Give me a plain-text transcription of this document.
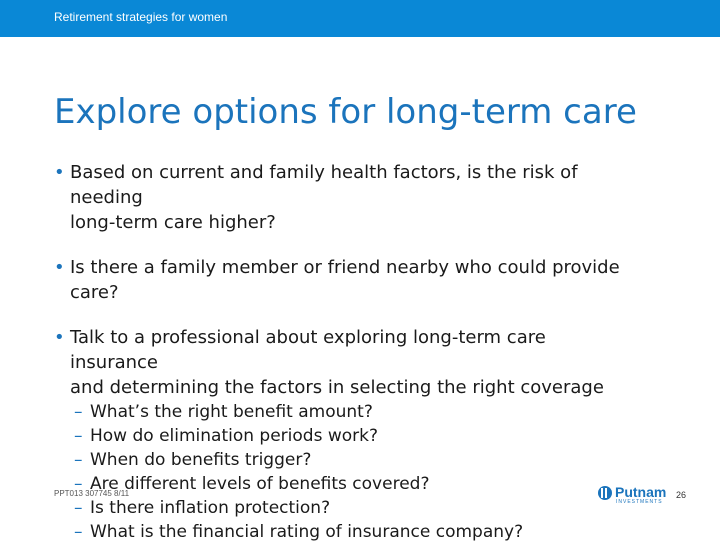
Retirement strategies for women
Explore options for long-term care
• Based on current and family health factors, is the risk of
needing
long-term care higher?
• Is there a family member or friend nearby who could provide
care?
• Talk to a professional about exploring long-term care
insurance
and determining the factors in selecting the right coverage
– What’s the right benefit amount?
– How do elimination periods work?
– When do benefits trigger?
– Are different levels of benefits covered?
– Is there inflation protection?
– What is the financial rating of insurance company?
PPT013 307745 8/11	Putnam
INVESTMENTS
26
